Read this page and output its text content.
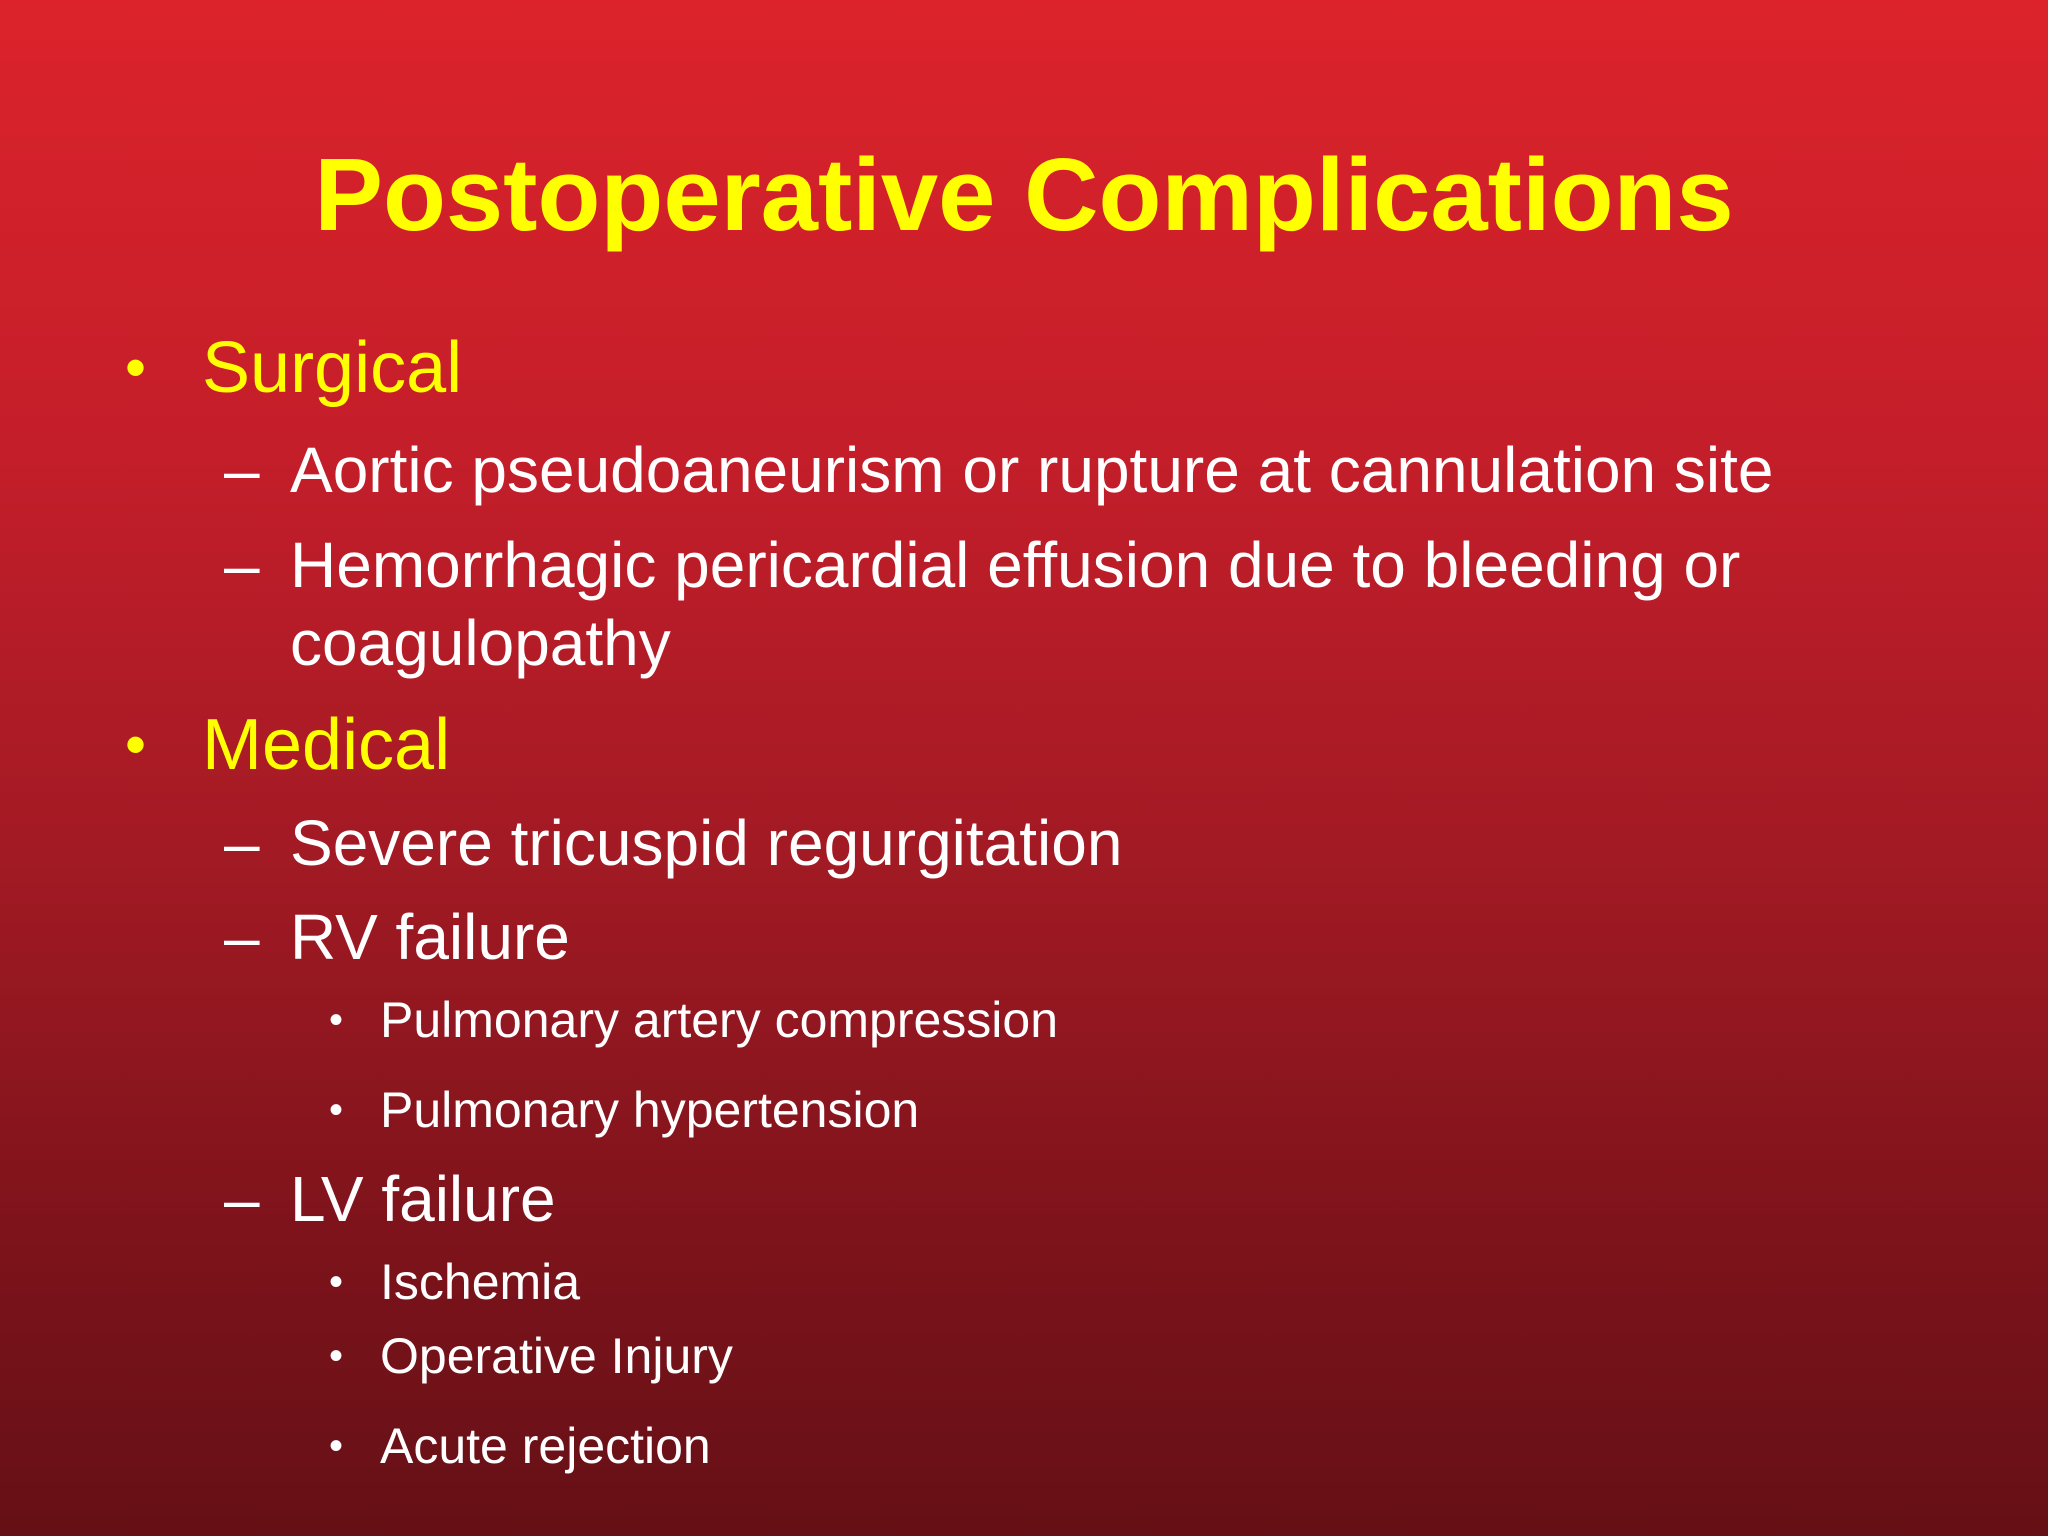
Postoperative Complications
• Surgical
– Aortic pseudoaneurism or rupture at cannulation site
– Hemorrhagic pericardial effusion due to bleeding or
coagulopathy
• Medical
– Severe tricuspid regurgitation
– RV failure
• Pulmonary artery compression
• Pulmonary hypertension
– LV failure
• Ischemia
• Operative Injury
• Acute rejection
